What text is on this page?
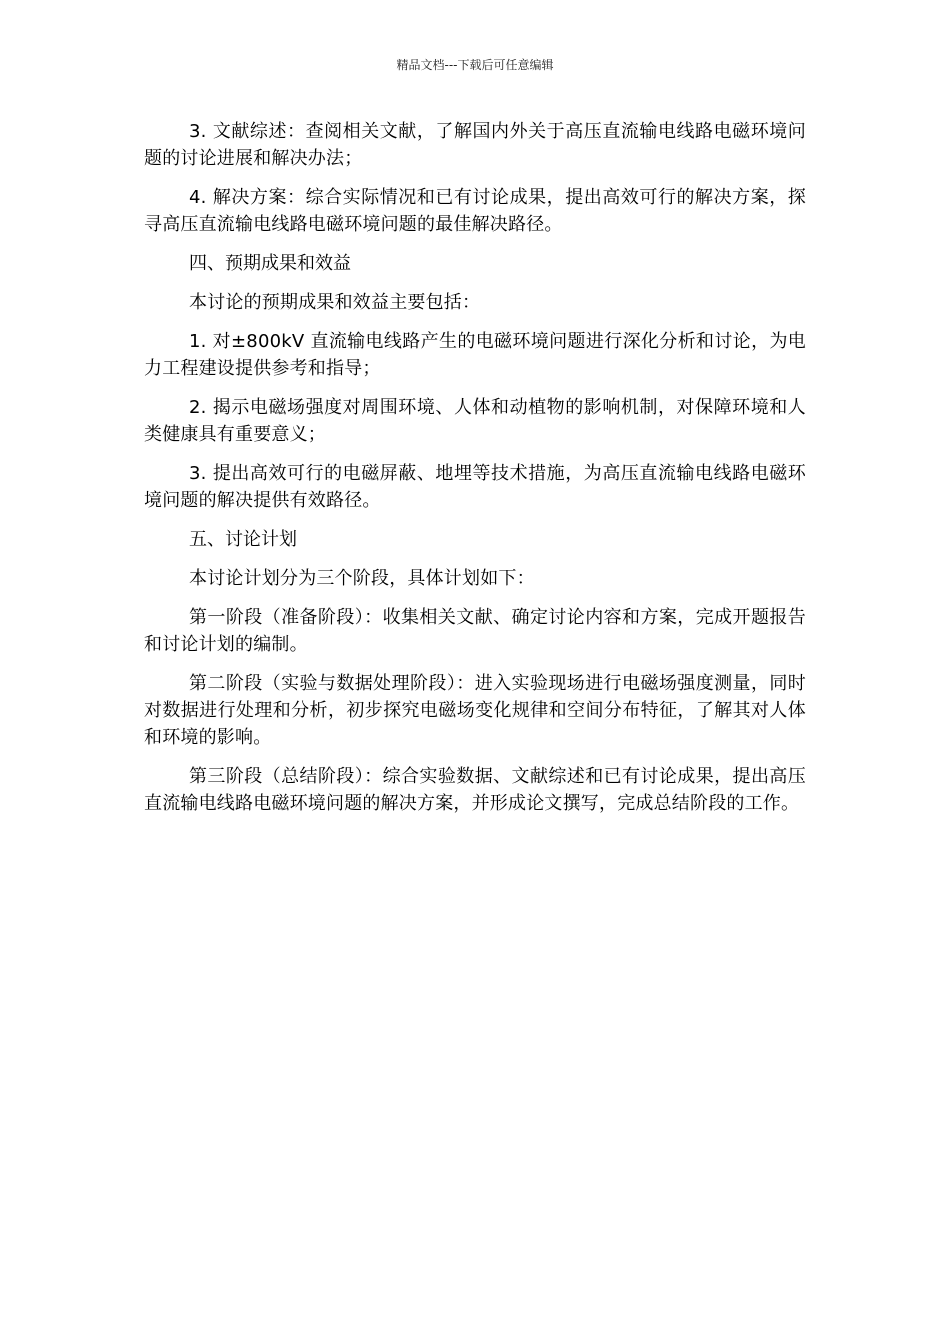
精品文档---下载后可任意编辑

3. 文献综述：查阅相关文献，了解国内外关于高压直流输电线路电磁环境问题的讨论进展和解决办法；

4. 解决方案：综合实际情况和已有讨论成果，提出高效可行的解决方案，探寻高压直流输电线路电磁环境问题的最佳解决路径。

四、预期成果和效益

本讨论的预期成果和效益主要包括：

1. 对±800kV 直流输电线路产生的电磁环境问题进行深化分析和讨论，为电力工程建设提供参考和指导；

2. 揭示电磁场强度对周围环境、人体和动植物的影响机制，对保障环境和人类健康具有重要意义；

3. 提出高效可行的电磁屏蔽、地埋等技术措施，为高压直流输电线路电磁环境问题的解决提供有效路径。

五、讨论计划

本讨论计划分为三个阶段，具体计划如下：

第一阶段（准备阶段）：收集相关文献、确定讨论内容和方案，完成开题报告和讨论计划的编制。

第二阶段（实验与数据处理阶段）：进入实验现场进行电磁场强度测量，同时对数据进行处理和分析，初步探究电磁场变化规律和空间分布特征，了解其对人体和环境的影响。

第三阶段（总结阶段）：综合实验数据、文献综述和已有讨论成果，提出高压直流输电线路电磁环境问题的解决方案，并形成论文撰写，完成总结阶段的工作。
